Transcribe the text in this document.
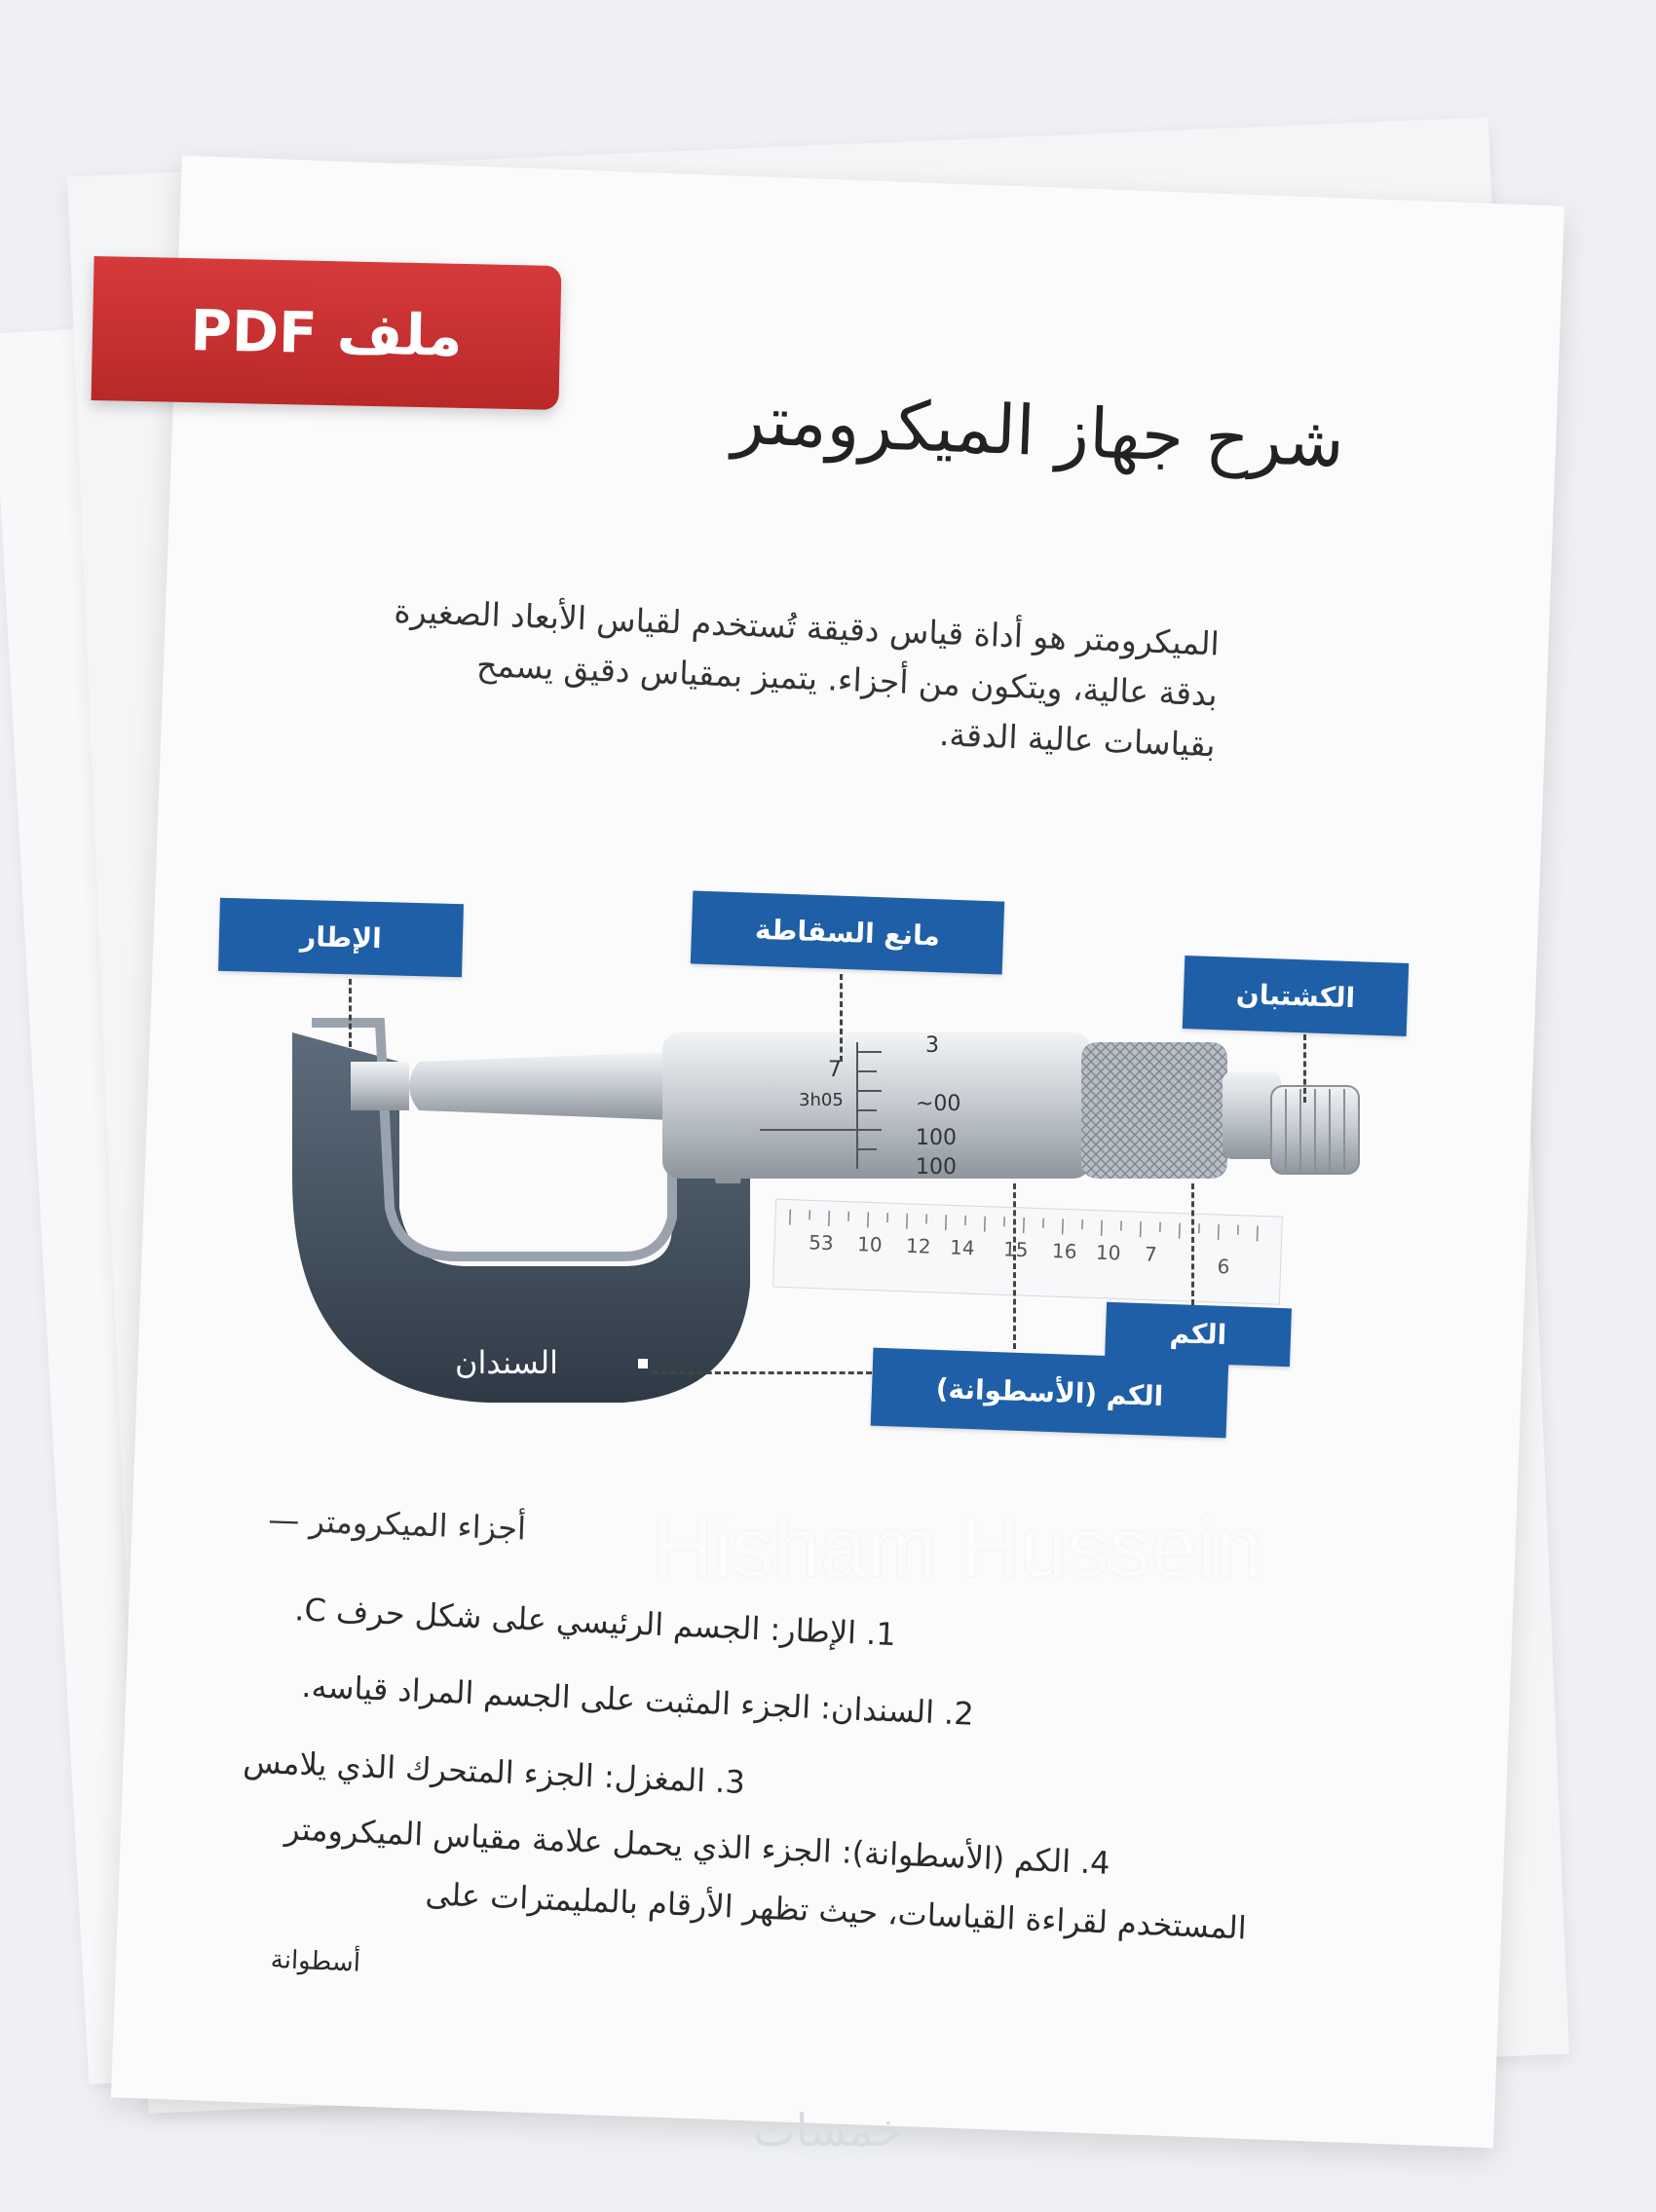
ملف PDF
شرح جهاز الميكرومتر
الميكرومتر هو أداة قياس دقيقة تُستخدم لقياس الأبعاد الصغيرة
بدقة عالية، ويتكون من أجزاء. يتميز بمقياس دقيق يسمح
بقياسات عالية الدقة.
3
~00
100
100
7
3h05
53 10 12 14 15 16 10 7
6
السندان
الإطار	مانع السقاطة
الكشتبان
الكم
الكم (الأسطوانة)
أجزاء الميكرومتر —
1. الإطار: الجسم الرئيسي على شكل حرف C.
2. السندان: الجزء المثبت على الجسم المراد قياسه.
3. المغزل: الجزء المتحرك الذي يلامس
4. الكم (الأسطوانة): الجزء الذي يحمل علامة مقياس الميكرومتر
المستخدم لقراءة القياسات، حيث تظهر الأرقام بالمليمترات على
أسطوانة
Hisham Hussein
خمسات
